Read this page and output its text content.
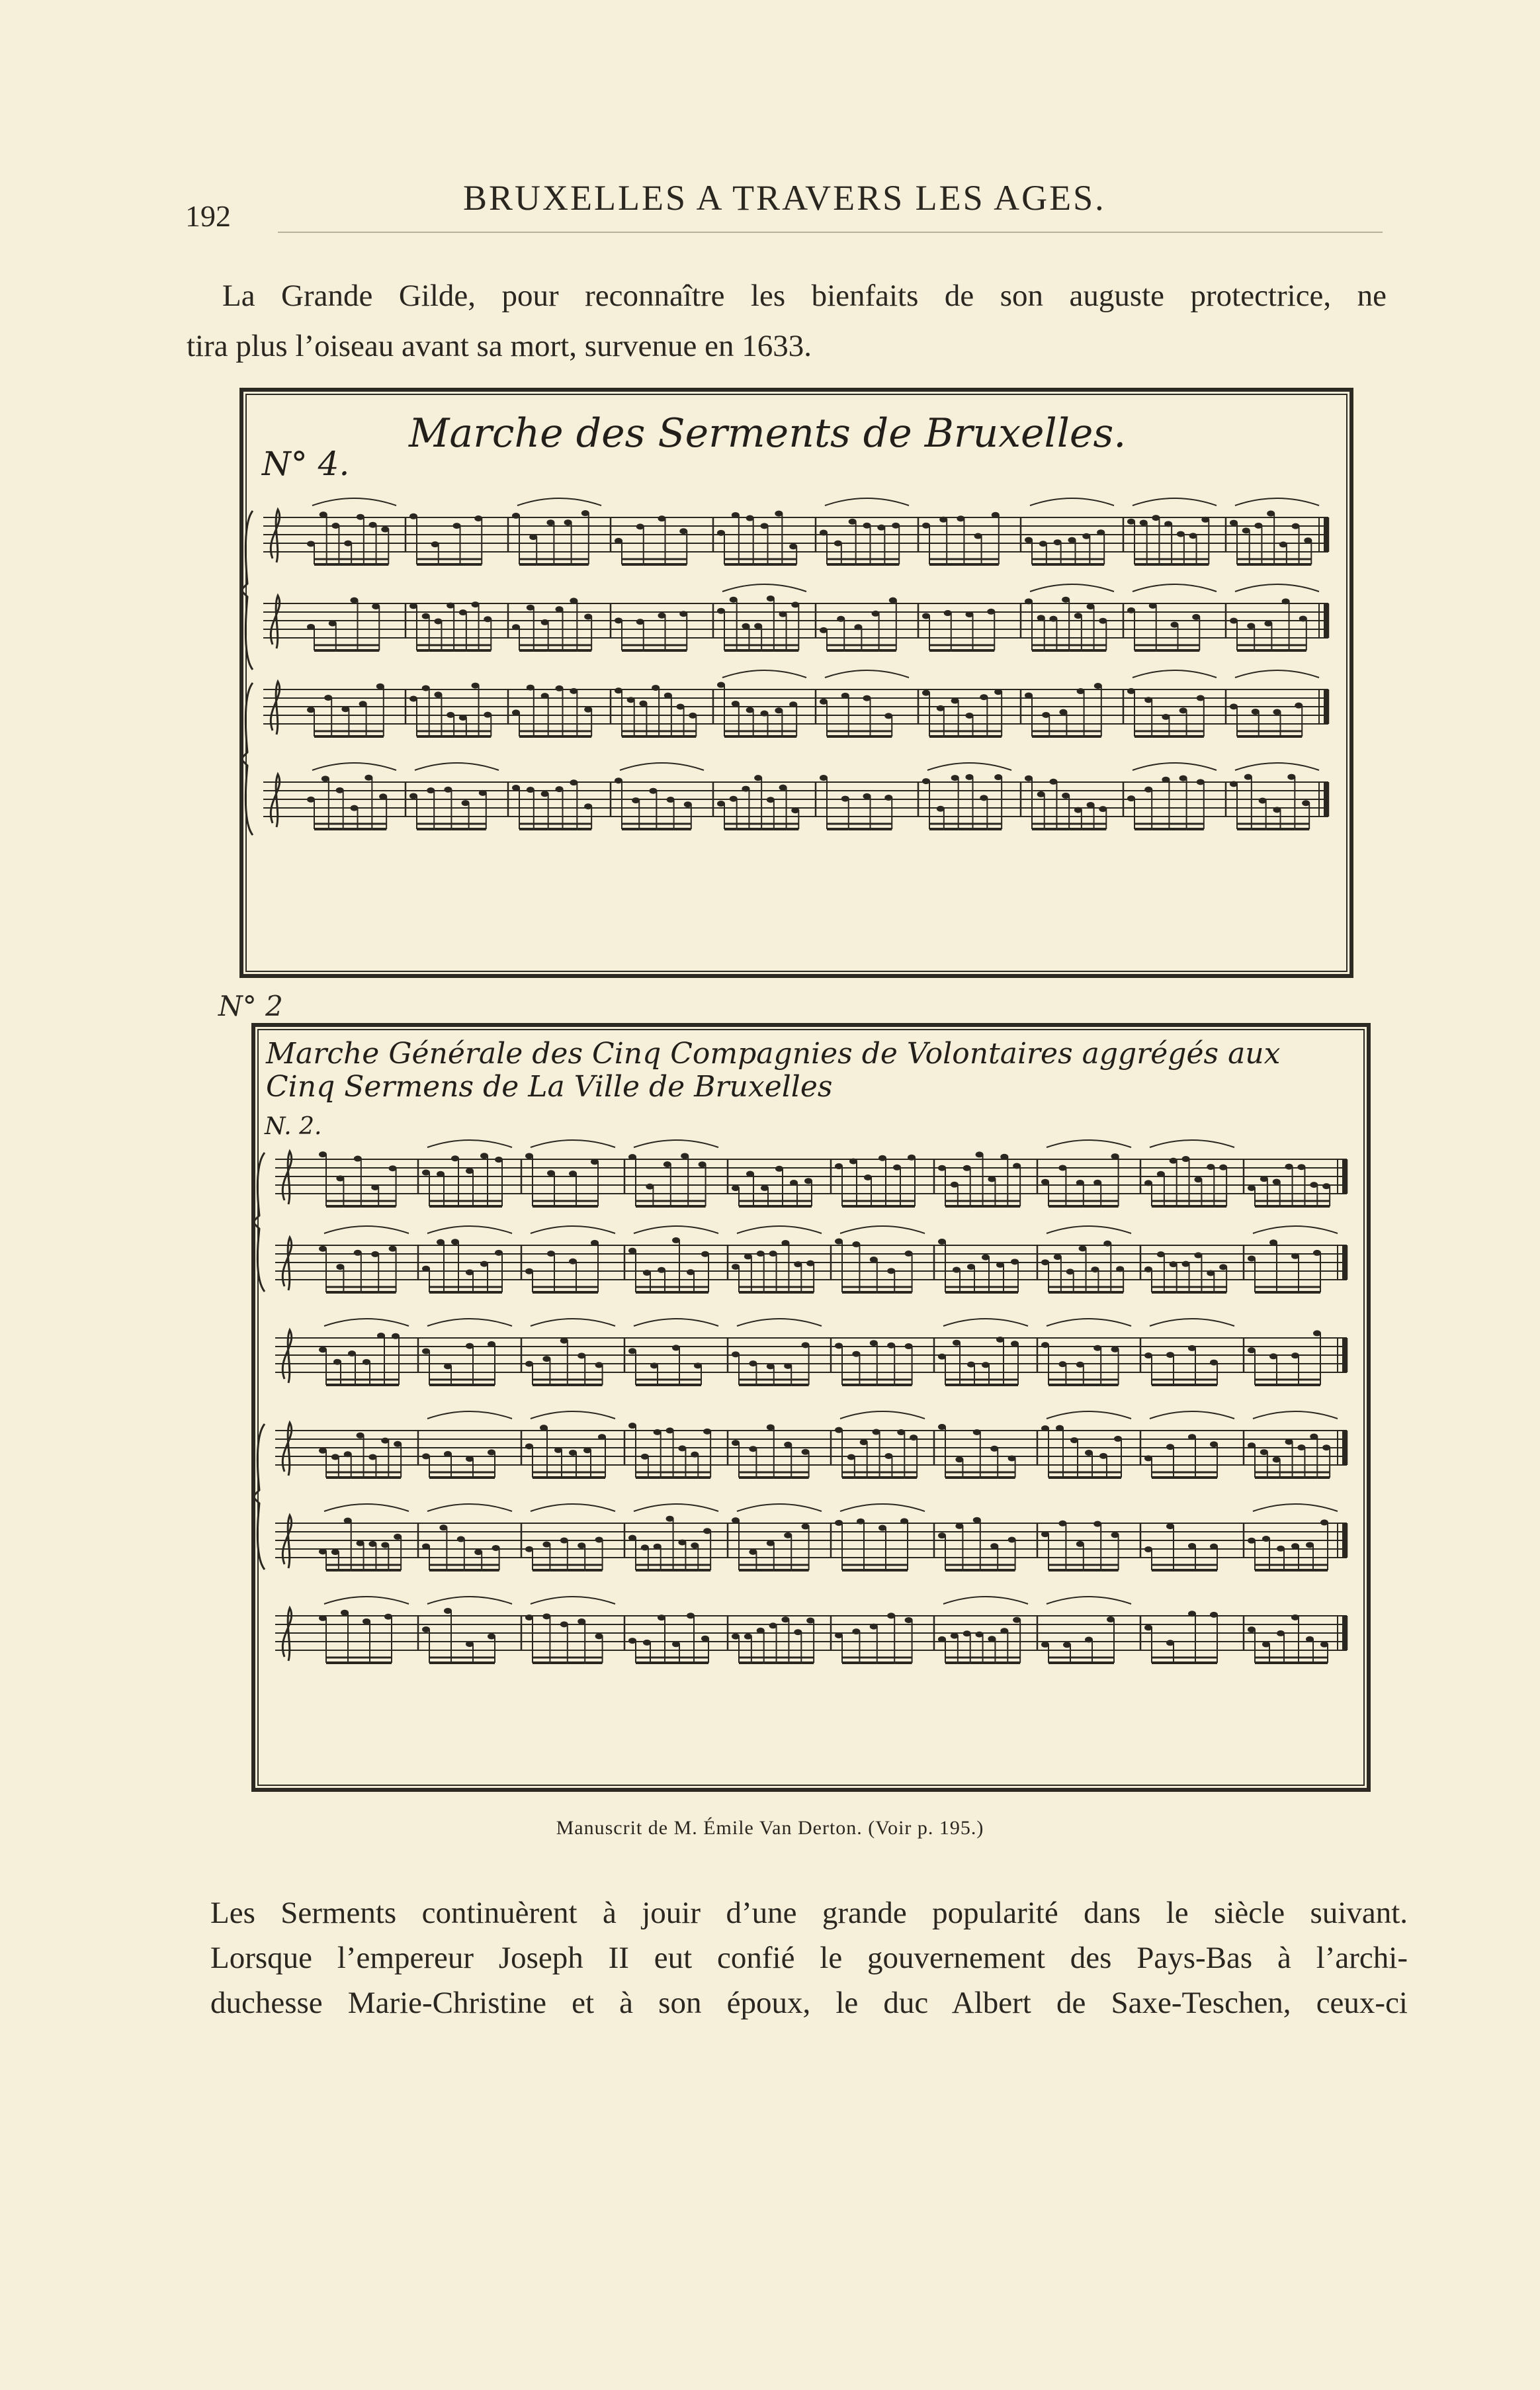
192	BRUXELLES A TRAVERS LES AGES.
La Grande Gilde, pour reconnaître les bienfaits de son auguste protectrice, ne
tira plus l’oiseau avant sa mort, survenue en 1633.
N° 4.
Marche des Serments de Bruxelles.
N° 2
Marche Générale des Cinq Compagnies de Volontaires aggrégés aux Cinq Sermens de La Ville de Bruxelles
N. 2.
Manuscrit de M. Émile Van Derton. (Voir p. 195.)
Les Serments continuèrent à jouir d’une grande popularité dans le siècle suivant.
Lorsque l’empereur Joseph II eut confié le gouvernement des Pays-Bas à l’archi-
duchesse Marie-Christine et à son époux, le duc Albert de Saxe-Teschen, ceux-ci
